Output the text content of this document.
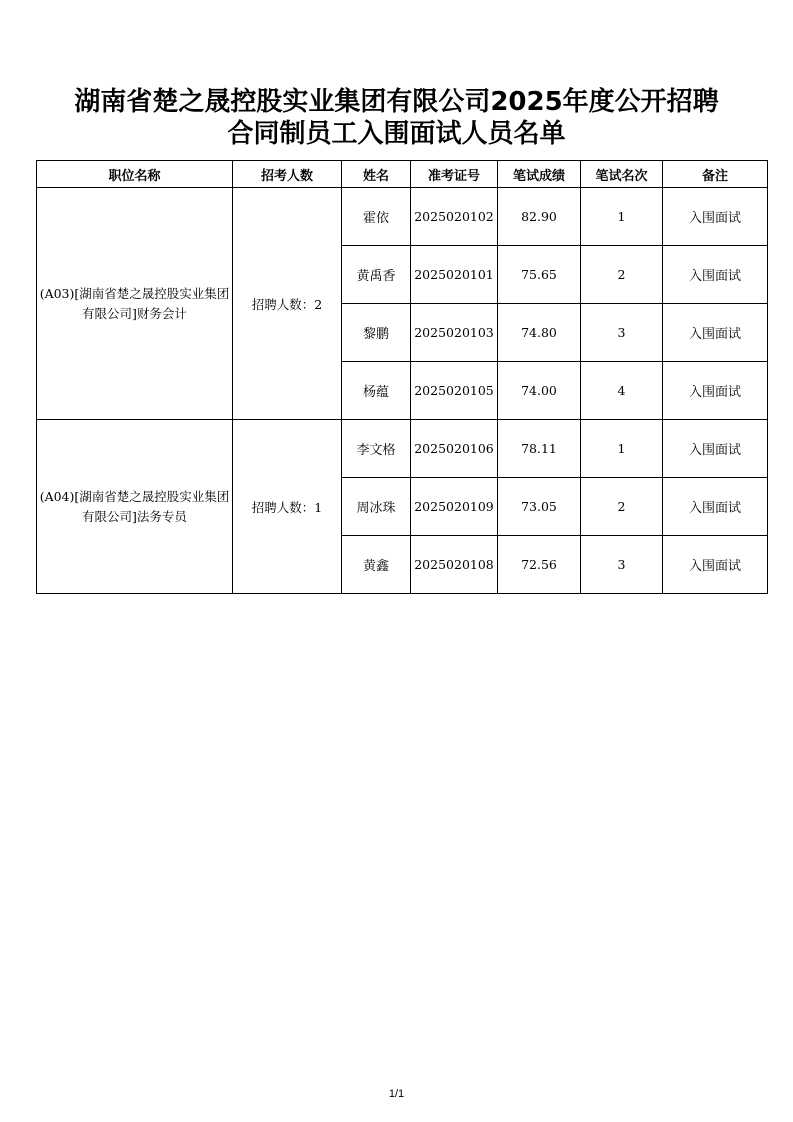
湖南省楚之晟控股实业集团有限公司2025年度公开招聘
合同制员工入围面试人员名单
职位名称	招考人数	姓名	准考证号	笔试成绩	笔试名次	备注
(A03)[湖南省楚之晟控股实业集团有限公司]财务会计	招聘人数：2	霍依	2025020102	82.90	1	入围面试
		黄禹香	2025020101	75.65	2	入围面试
		黎鹏	2025020103	74.80	3	入围面试
		杨蕴	2025020105	74.00	4	入围面试
(A04)[湖南省楚之晟控股实业集团有限公司]法务专员	招聘人数：1	李文格	2025020106	78.11	1	入围面试
		周冰珠	2025020109	73.05	2	入围面试
		黄鑫	2025020108	72.56	3	入围面试
1/1
